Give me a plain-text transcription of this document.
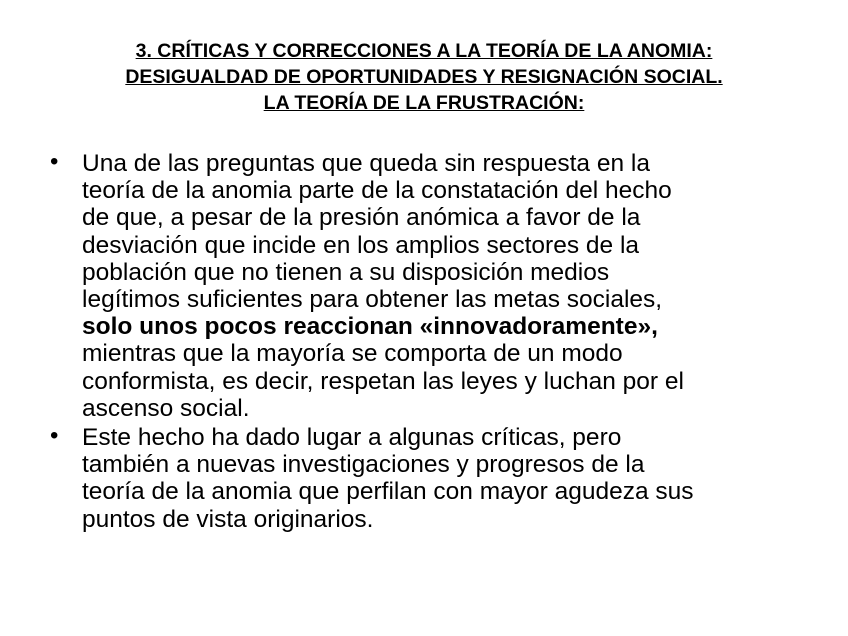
3. CRÍTICAS Y CORRECCIONES A LA TEORÍA DE LA ANOMIA:
DESIGUALDAD DE OPORTUNIDADES Y RESIGNACIÓN SOCIAL.
LA TEORÍA DE LA FRUSTRACIÓN:
• Una de las preguntas que queda sin respuesta en la
teoría de la anomia parte de la constatación del hecho
de que, a pesar de la presión anómica a favor de la
desviación que incide en los amplios sectores de la
población que no tienen a su disposición medios
legítimos suficientes para obtener las metas sociales,
solo unos pocos reaccionan «innovadoramente»,
mientras que la mayoría se comporta de un modo
conformista, es decir, respetan las leyes y luchan por el
ascenso social.
• Este hecho ha dado lugar a algunas críticas, pero
también a nuevas investigaciones y progresos de la
teoría de la anomia que perfilan con mayor agudeza sus
puntos de vista originarios.
